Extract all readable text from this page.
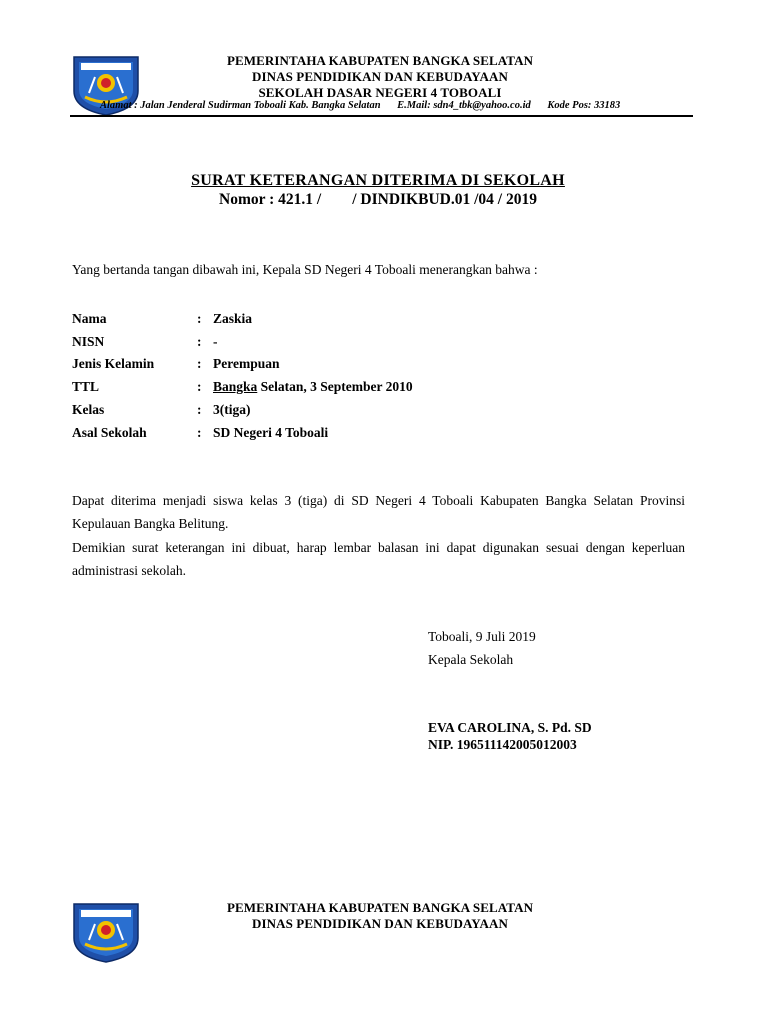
PEMERINTAHA KABUPATEN BANGKA SELATAN
DINAS PENDIDIKAN DAN KEBUDAYAAN
SEKOLAH DASAR NEGERI 4 TOBOALI
Alamat : Jalan Jenderal Sudirman Toboali Kab. Bangka Selatan E.Mail: sdn4_tbk@yahoo.co.id Kode Pos: 33183
SURAT KETERANGAN DITERIMA DI SEKOLAH
Nomor : 421.1 /        / DINDIKBUD.01 /04 / 2019
Yang bertanda tangan dibawah ini, Kepala SD Negeri 4 Toboali menerangkan bahwa :
Nama	: Zaskia
NISN	: -
Jenis Kelamin	: Perempuan
TTL	: Bangka Selatan, 3 September 2010
Kelas	: 3(tiga)
Asal Sekolah	: SD Negeri 4 Toboali
Dapat diterima menjadi siswa kelas 3 (tiga) di SD Negeri 4 Toboali Kabupaten Bangka Selatan Provinsi Kepulauan Bangka Belitung.
Demikian surat keterangan ini dibuat, harap lembar balasan ini dapat digunakan sesuai dengan keperluan administrasi sekolah.
Toboali, 9 Juli 2019
Kepala Sekolah
EVA CAROLINA, S. Pd. SD
NIP. 196511142005012003
PEMERINTAHA KABUPATEN BANGKA SELATAN
DINAS PENDIDIKAN DAN KEBUDAYAAN
